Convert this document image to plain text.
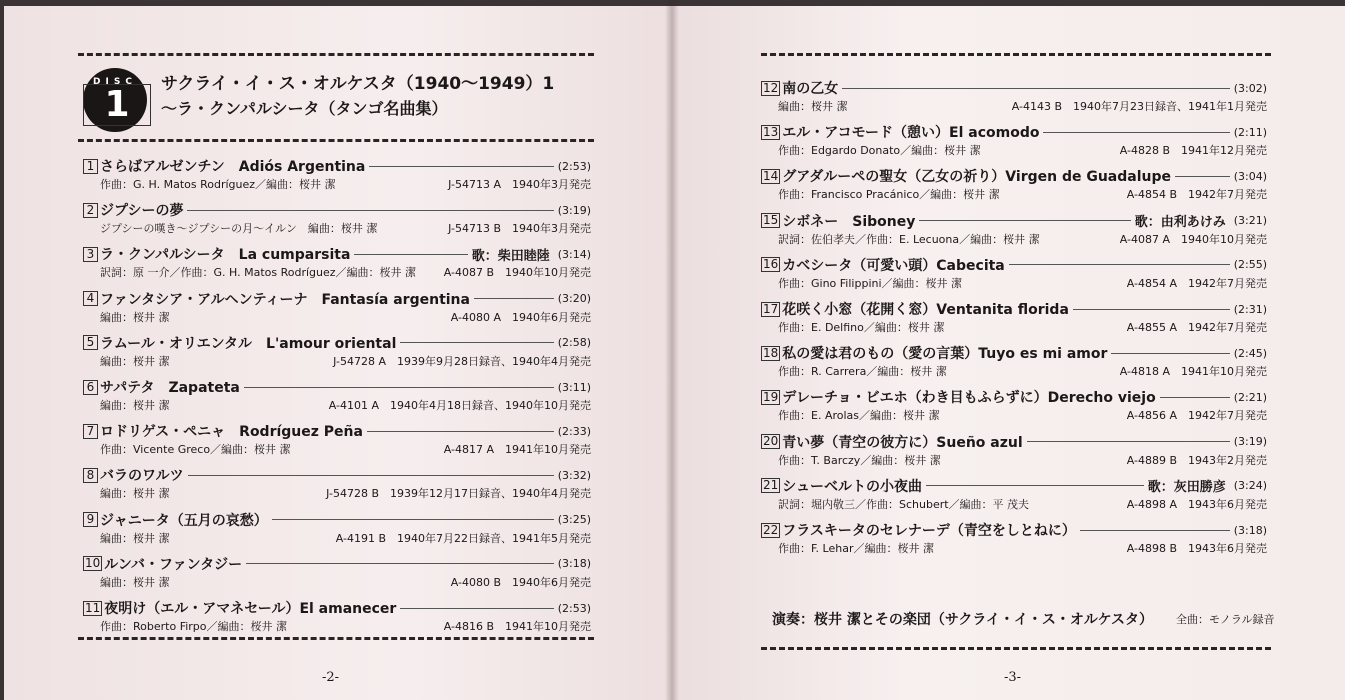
DISC
1	サクライ・イ・ス・オルケスタ（1940〜1949）1
〜ラ・クンパルシータ（タンゴ名曲集）
1 さらばアルゼンチン　Adiós Argentina	(2:53)
作曲：G. H. Matos Rodríguez／編曲：桜井 潔	J-54713 A　1940年3月発売
2 ジプシーの夢	(3:19)
ジプシーの嘆き〜ジプシーの月〜イルン　編曲：桜井 潔	J-54713 B　1940年3月発売
3 ラ・クンパルシータ　La cumparsita	歌：柴田睦陸 (3:14)
訳詞：原 一介／作曲：G. H. Matos Rodríguez／編曲：桜井 潔	A-4087 B　1940年10月発売
4 ファンタシア・アルヘンティーナ　Fantasía argentina	(3:20)
編曲：桜井 潔	A-4080 A　1940年6月発売
5 ラムール・オリエンタル　L'amour oriental	(2:58)
編曲：桜井 潔	J-54728 A　1939年9月28日録音、1940年4月発売
6 サパテタ　Zapateta	(3:11)
編曲：桜井 潔	A-4101 A　1940年4月18日録音、1940年10月発売
7 ロドリゲス・ペニャ　Rodríguez Peña	(2:33)
作曲：Vicente Greco／編曲：桜井 潔	A-4817 A　1941年10月発売
8 バラのワルツ	(3:32)
編曲：桜井 潔	J-54728 B　1939年12月17日録音、1940年4月発売
9 ジャニータ（五月の哀愁）	(3:25)
編曲：桜井 潔	A-4191 B　1940年7月22日録音、1941年5月発売
10 ルンバ・ファンタジー	(3:18)
編曲：桜井 潔	A-4080 B　1940年6月発売
11 夜明け（エル・アマネセール）El amanecer	(2:53)
作曲：Roberto Firpo／編曲：桜井 潔	A-4816 B　1941年10月発売
-2-
12 南の乙女	(3:02)
編曲：桜井 潔	A-4143 B　1940年7月23日録音、1941年1月発売
13 エル・アコモード（憩い）El acomodo	(2:11)
作曲：Edgardo Donato／編曲：桜井 潔	A-4828 B　1941年12月発売
14 グアダルーペの聖女（乙女の祈り）Virgen de Guadalupe	(3:04)
作曲：Francisco Pracánico／編曲：桜井 潔	A-4854 B　1942年7月発売
15 シボネー　Siboney	歌：由利あけみ (3:21)
訳詞：佐伯孝夫／作曲：E. Lecuona／編曲：桜井 潔	A-4087 A　1940年10月発売
16 カベシータ（可愛い頭）Cabecita	(2:55)
作曲：Gino Filippini／編曲：桜井 潔	A-4854 A　1942年7月発売
17 花咲く小窓（花開く窓）Ventanita florida	(2:31)
作曲：E. Delfino／編曲：桜井 潔	A-4855 A　1942年7月発売
18 私の愛は君のもの（愛の言葉）Tuyo es mi amor	(2:45)
作曲：R. Carrera／編曲：桜井 潔	A-4818 A　1941年10月発売
19 デレーチョ・ビエホ（わき目もふらずに）Derecho viejo	(2:21)
作曲：E. Arolas／編曲：桜井 潔	A-4856 A　1942年7月発売
20 青い夢（青空の彼方に）Sueño azul	(3:19)
作曲：T. Barczy／編曲：桜井 潔	A-4889 B　1943年2月発売
21 シューベルトの小夜曲	歌：灰田勝彦 (3:24)
訳詞：堀内敬三／作曲：Schubert／編曲：平 茂夫	A-4898 A　1943年6月発売
22 フラスキータのセレナーデ（青空をしとねに）	(3:18)
作曲：F. Lehar／編曲：桜井 潔	A-4898 B　1943年6月発売
演奏：桜井 潔とその楽団（サクライ・イ・ス・オルケスタ） 全曲：モノラル録音
-3-
